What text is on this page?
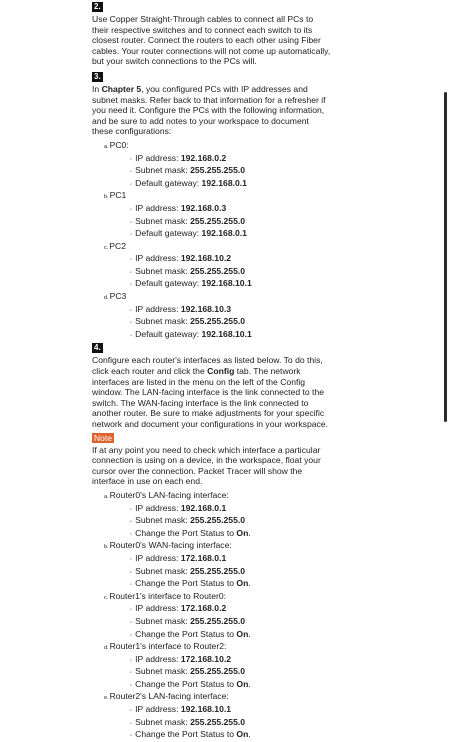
2.

Use Copper Straight-Through cables to connect all PCs to their respective switches and to connect each switch to its closest router. Connect the routers to each other using Fiber cables. Your router connections will not come up automatically, but your switch connections to the PCs will.

3.

In Chapter 5, you configured PCs with IP addresses and subnet masks. Refer back to that information for a refresher if you need it. Configure the PCs with the following information, and be sure to add notes to your workspace to document these configurations:

a.PC0:
◦ IP address: 192.168.0.2
◦ Subnet mask: 255.255.255.0
◦ Default gateway: 192.168.0.1
b.PC1
◦ IP address: 192.168.0.3
◦ Subnet mask: 255.255.255.0
◦ Default gateway: 192.168.0.1
c.PC2
◦ IP address: 192.168.10.2
◦ Subnet mask: 255.255.255.0
◦ Default gateway: 192.168.10.1
d.PC3
◦ IP address: 192.168.10.3
◦ Subnet mask: 255.255.255.0
◦ Default gateway: 192.168.10.1
4.

Configure each router's interfaces as listed below. To do this, click each router and click the Config tab. The network interfaces are listed in the menu on the left of the Config window. The LAN-facing interface is the link connected to the switch. The WAN-facing interface is the link connected to another router. Be sure to make adjustments for your specific network and document your configurations in your workspace.

Note

If at any point you need to check which interface a particular connection is using on a device, in the workspace, float your cursor over the connection. Packet Tracer will show the interface in use on each end.

a.Router0's LAN-facing interface:
◦ IP address: 192.168.0.1
◦ Subnet mask: 255.255.255.0
◦ Change the Port Status to On.
b.Router0's WAN-facing interface:
◦ IP address: 172.168.0.1
◦ Subnet mask: 255.255.255.0
◦ Change the Port Status to On.
c.Router1's interface to Router0:
◦ IP address: 172.168.0.2
◦ Subnet mask: 255.255.255.0
◦ Change the Port Status to On.
d.Router1's interface to Router2:
◦ IP address: 172.168.10.2
◦ Subnet mask: 255.255.255.0
◦ Change the Port Status to On.
e.Router2's LAN-facing interface:
◦ IP address: 192.168.10.1
◦ Subnet mask: 255.255.255.0
◦ Change the Port Status to On.
